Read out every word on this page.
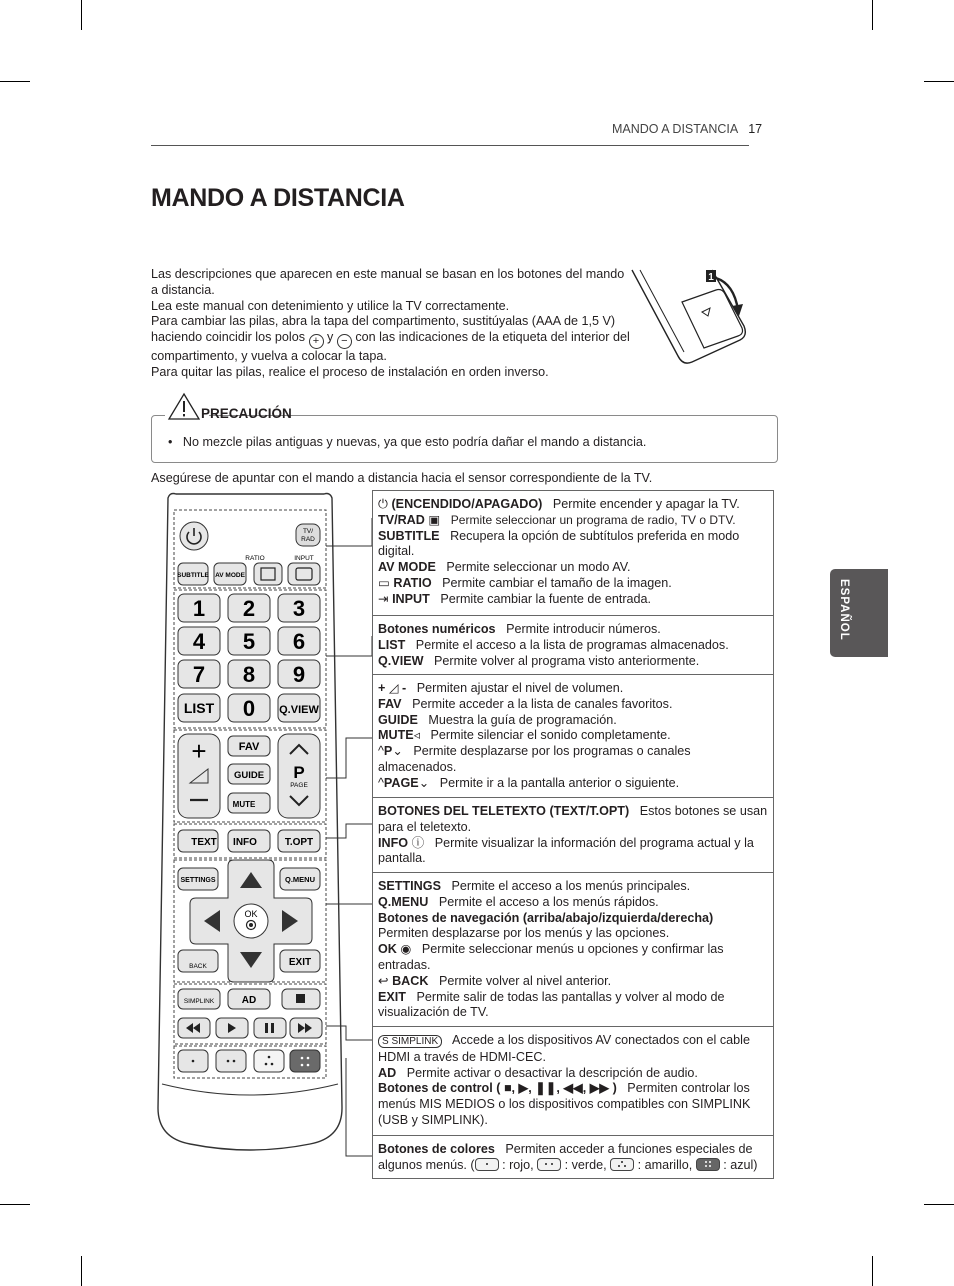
MANDO A DISTANCIA 17
MANDO A DISTANCIA
ESPAÑOL

Las descripciones que aparecen en este manual se basan en los botones del mando a distancia.

Lea este manual con detenimiento y utilice la TV correctamente.

Para cambiar las pilas, abra la tapa del compartimento, sustitúyalas (AAA de 1,5 V) haciendo coincidir los polos + y − con las indicaciones de la etiqueta del interior del compartimento, y vuelva a colocar la tapa.

Para quitar las pilas, realice el proceso de instalación en orden inverso.

1
PRECAUCIÓN
• No mezcle pilas antiguas y nuevas, ya que esto podría dañar el mando a distancia.
Asegúrese de apuntar con el mando a distancia hacia el sensor correspondiente de la TV.
TV/
RAD
RATIO	INPUT
SUBTITLE AV MODE
1 2 3
4 5 6
7 8 9
LIST 0 Q.VIEW
+	FAV
GUIDE
MUTE
P
PAGE
TEXT INFO	T.OPT
SETTINGS	Q.MENU
OK
BACK	EXIT
SIMPLINK	AD

⏻ (ENCENDIDO/APAGADO) Permite encender y apagar la TV.

TV/RAD ▣ Permite seleccionar un programa de radio, TV o DTV.

SUBTITLE Recupera la opción de subtítulos preferida en modo digital.

AV MODE Permite seleccionar un modo AV.

▭ RATIO Permite cambiar el tamaño de la imagen.

⇥ INPUT Permite cambiar la fuente de entrada.

Botones numéricos Permite introducir números.

LIST Permite el acceso a la lista de programas almacenados.

Q.VIEW Permite volver al programa visto anteriormente.

+ ◿ - Permiten ajustar el nivel de volumen.

FAV Permite acceder a la lista de canales favoritos.

GUIDE Muestra la guía de programación.

MUTE◃ Permite silenciar el sonido completamente.

^P⌄ Permite desplazarse por los programas o canales almacenados.

^PAGE⌄ Permite ir a la pantalla anterior o siguiente.

BOTONES DEL TELETEXTO (TEXT/T.OPT) Estos botones se usan para el teletexto.

INFO ⓘ Permite visualizar la información del programa actual y la pantalla.

SETTINGS Permite el acceso a los menús principales.

Q.MENU Permite el acceso a los menús rápidos.

Botones de navegación (arriba/abajo/izquierda/derecha)   Permiten desplazarse por los menús y las opciones.

OK ◉ Permite seleccionar menús u opciones y confirmar las entradas.

↩ BACK Permite volver al nivel anterior.

EXIT Permite salir de todas las pantallas y volver al modo de visualización de TV.

S SIMPLINK Accede a los dispositivos AV conectados con el cable HDMI a través de HDMI-CEC.

AD Permite activar o desactivar la descripción de audio.

Botones de control ( ■, ▶, ❚❚, ◀◀, ▶▶ ) Permiten controlar los menús MIS MEDIOS o los dispositivos compatibles con SIMPLINK (USB y SIMPLINK).

Botones de colores Permiten acceder a funciones especiales de algunos menús. ( : rojo, : verde, : amarillo, : azul)
